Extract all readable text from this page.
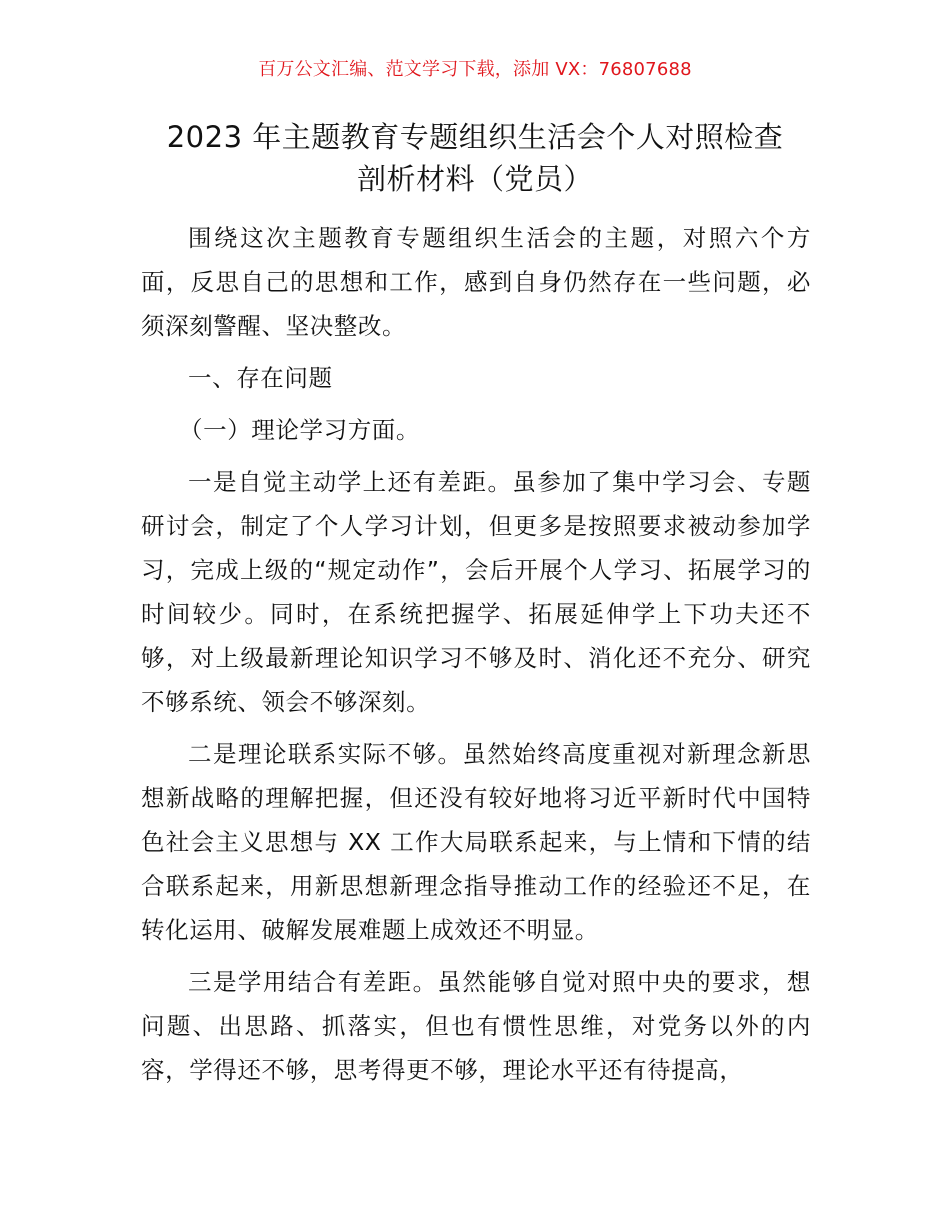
百万公文汇编、范文学习下载，添加 VX：76807688
2023 年主题教育专题组织生活会个人对照检查
剖析材料（党员）

围绕这次主题教育专题组织生活会的主题，对照六个方面，反思自己的思想和工作，感到自身仍然存在一些问题，必须深刻警醒、坚决整改。

一、存在问题

（一）理论学习方面。

一是自觉主动学上还有差距。虽参加了集中学习会、专题研讨会，制定了个人学习计划，但更多是按照要求被动参加学习，完成上级的“规定动作”，会后开展个人学习、拓展学习的时间较少。同时，在系统把握学、拓展延伸学上下功夫还不够，对上级最新理论知识学习不够及时、消化还不充分、研究不够系统、领会不够深刻。

二是理论联系实际不够。虽然始终高度重视对新理念新思想新战略的理解把握，但还没有较好地将习近平新时代中国特色社会主义思想与 XX 工作大局联系起来，与上情和下情的结合联系起来，用新思想新理念指导推动工作的经验还不足，在转化运用、破解发展难题上成效还不明显。

三是学用结合有差距。虽然能够自觉对照中央的要求，想问题、出思路、抓落实，但也有惯性思维，对党务以外的内容，学得还不够，思考得更不够，理论水平还有待提高，
